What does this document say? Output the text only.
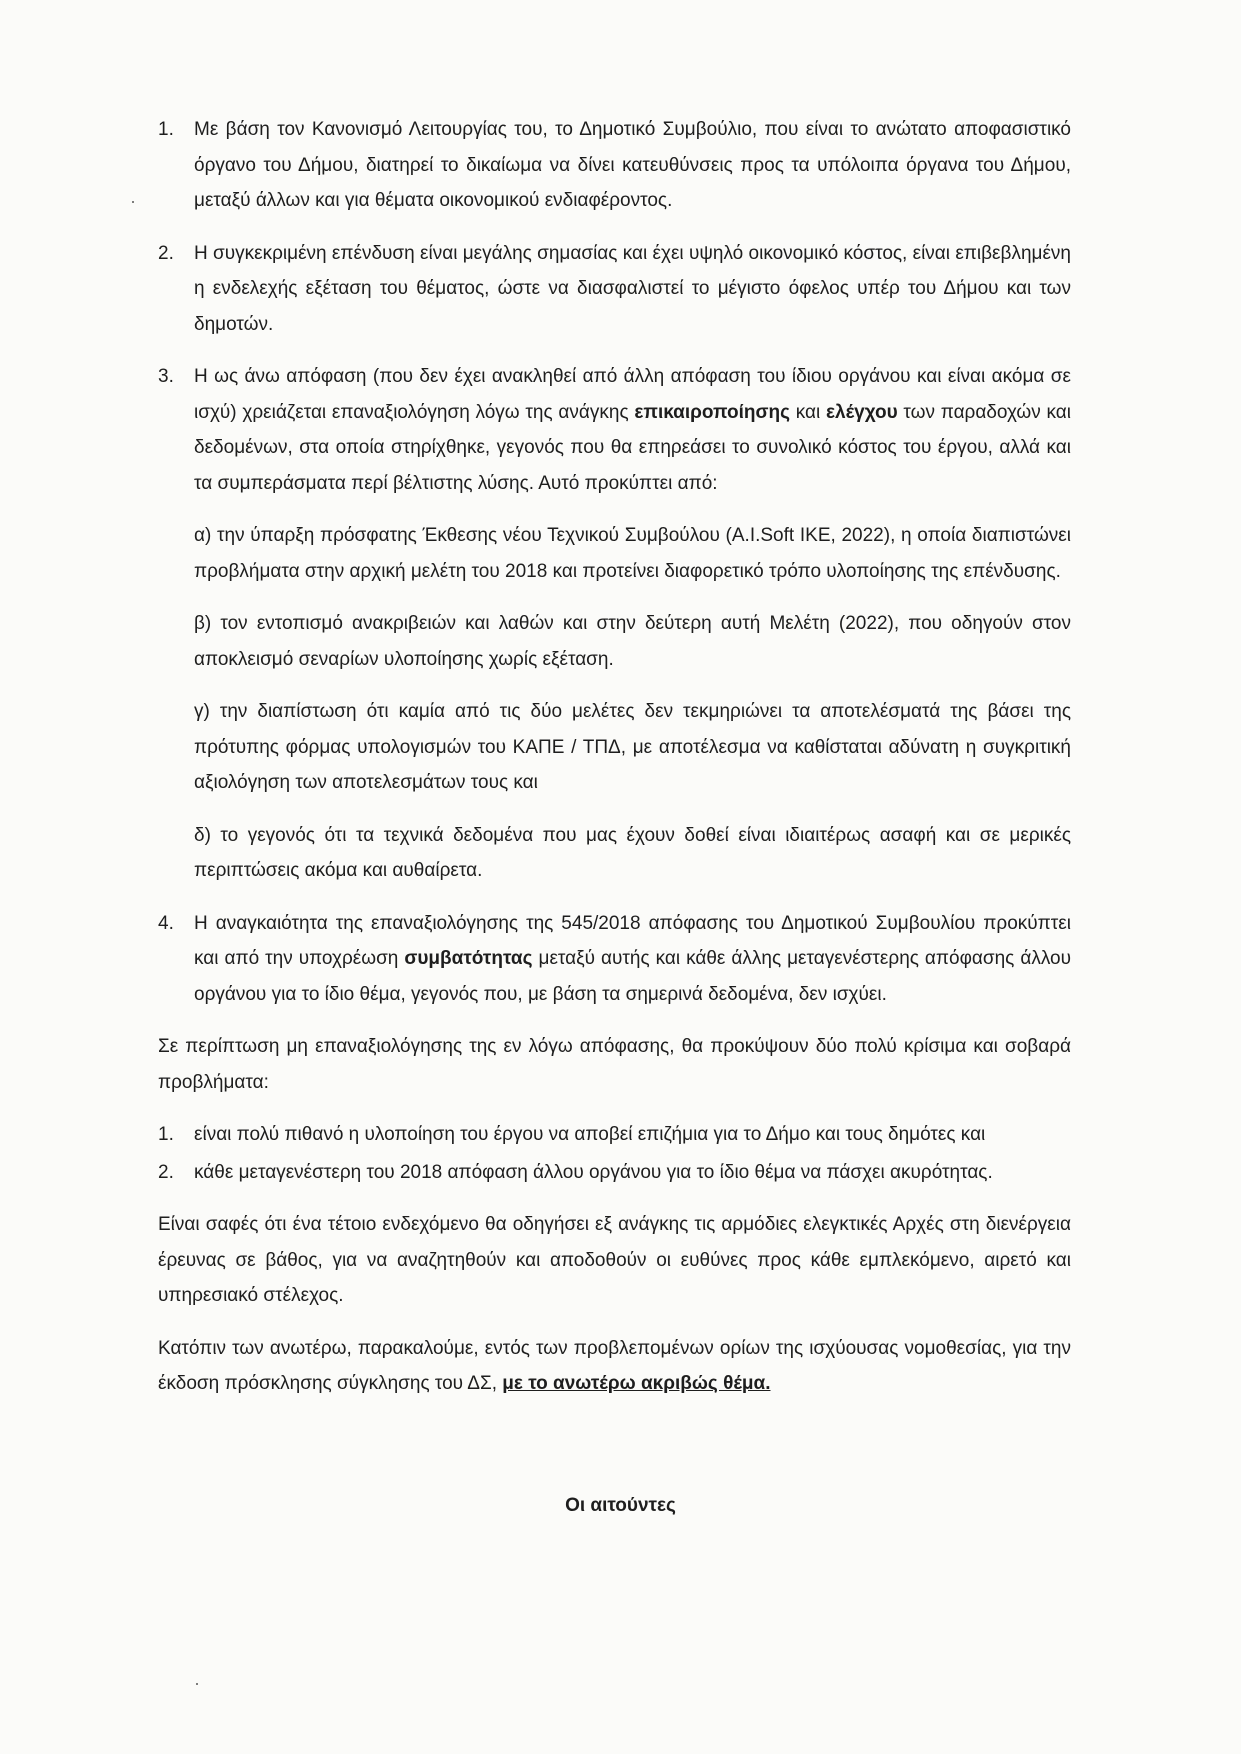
1.	Με βάση τον Κανονισμό Λειτουργίας του, το Δημοτικό Συμβούλιο, που είναι το ανώτατο αποφασιστικό όργανο του Δήμου, διατηρεί το δικαίωμα να δίνει κατευθύνσεις προς τα υπόλοιπα όργανα του Δήμου, μεταξύ άλλων και για θέματα οικονομικού ενδιαφέροντος.
2.	Η συγκεκριμένη επένδυση είναι μεγάλης σημασίας και έχει υψηλό οικονομικό κόστος, είναι επιβεβλημένη η ενδελεχής εξέταση του θέματος, ώστε να διασφαλιστεί το μέγιστο όφελος υπέρ του Δήμου και των δημοτών.
3.	Η ως άνω απόφαση (που δεν έχει ανακληθεί από άλλη απόφαση του ίδιου οργάνου και είναι ακόμα σε ισχύ) χρειάζεται επαναξιολόγηση λόγω της ανάγκης επικαιροποίησης και ελέγχου των παραδοχών και δεδομένων, στα οποία στηρίχθηκε, γεγονός που θα επηρεάσει το συνολικό κόστος του έργου, αλλά και τα συμπεράσματα περί βέλτιστης λύσης. Αυτό προκύπτει από:
α) την ύπαρξη πρόσφατης Έκθεσης νέου Τεχνικού Συμβούλου (A.I.Soft IKE, 2022), η οποία διαπιστώνει προβλήματα στην αρχική μελέτη του 2018 και προτείνει διαφορετικό τρόπο υλοποίησης της επένδυσης.
β) τον εντοπισμό ανακριβειών και λαθών και στην δεύτερη αυτή Μελέτη (2022), που οδηγούν στον αποκλεισμό σεναρίων υλοποίησης χωρίς εξέταση.
γ) την διαπίστωση ότι καμία από τις δύο μελέτες δεν τεκμηριώνει τα αποτελέσματά της βάσει της πρότυπης φόρμας υπολογισμών του ΚΑΠΕ / ΤΠΔ, με αποτέλεσμα να καθίσταται αδύνατη η συγκριτική αξιολόγηση των αποτελεσμάτων τους και
δ) το γεγονός ότι τα τεχνικά δεδομένα που μας έχουν δοθεί είναι ιδιαιτέρως ασαφή και σε μερικές περιπτώσεις ακόμα και αυθαίρετα.
4.	Η αναγκαιότητα της επαναξιολόγησης της 545/2018 απόφασης του Δημοτικού Συμβουλίου προκύπτει και από την υποχρέωση συμβατότητας μεταξύ αυτής και κάθε άλλης μεταγενέστερης απόφασης άλλου οργάνου για το ίδιο θέμα, γεγονός που, με βάση τα σημερινά δεδομένα, δεν ισχύει.
Σε περίπτωση μη επαναξιολόγησης της εν λόγω απόφασης, θα προκύψουν δύο πολύ κρίσιμα και σοβαρά προβλήματα:
1.	είναι πολύ πιθανό η υλοποίηση του έργου να αποβεί επιζήμια για το Δήμο και τους δημότες και
2.	κάθε μεταγενέστερη του 2018 απόφαση άλλου οργάνου για το ίδιο θέμα να πάσχει ακυρότητας.
Είναι σαφές ότι ένα τέτοιο ενδεχόμενο θα οδηγήσει εξ ανάγκης τις αρμόδιες ελεγκτικές Αρχές στη διενέργεια έρευνας σε βάθος, για να αναζητηθούν και αποδοθούν οι ευθύνες προς κάθε εμπλεκόμενο, αιρετό και υπηρεσιακό στέλεχος.
Κατόπιν των ανωτέρω, παρακαλούμε, εντός των προβλεπομένων ορίων της ισχύουσας νομοθεσίας, για την έκδοση πρόσκλησης σύγκλησης του ΔΣ, με το ανωτέρω ακριβώς θέμα.
Οι αιτούντες
